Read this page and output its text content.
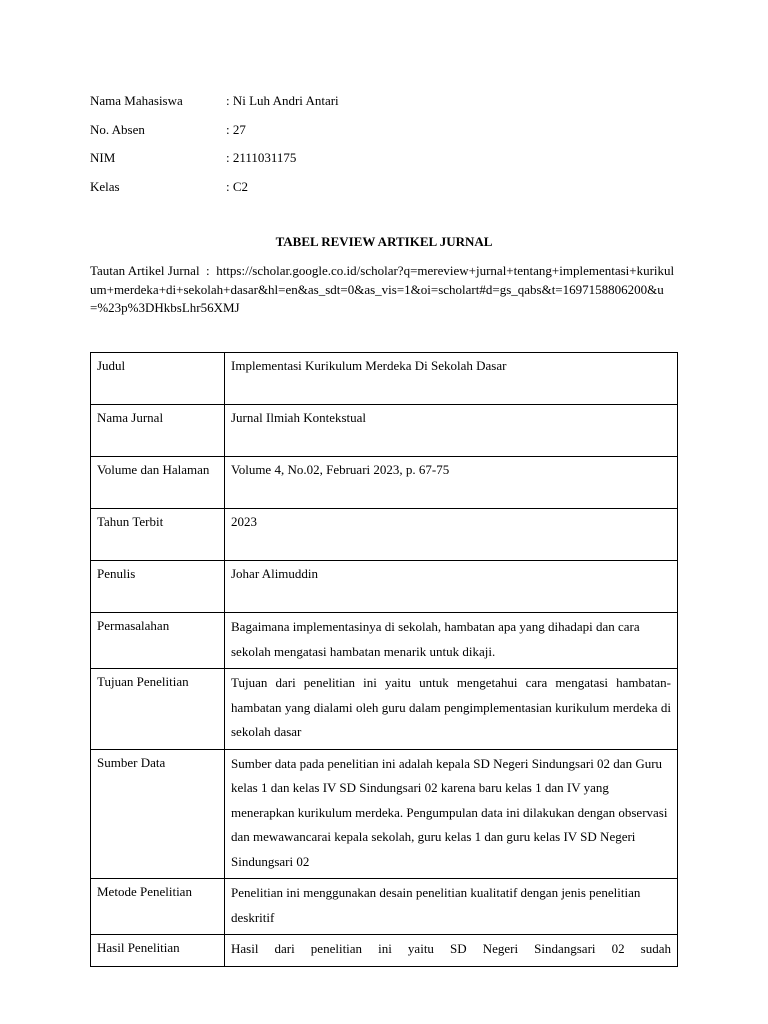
Nama Mahasiswa	: Ni Luh Andri Antari
No. Absen	: 27
NIM	: 2111031175
Kelas	: C2
TABEL REVIEW ARTIKEL JURNAL
Tautan Artikel Jurnal  :  https://scholar.google.co.id/scholar?q=mereview+jurnal+tentang+implementasi+kurikulum+merdeka+di+sekolah+dasar&hl=en&as_sdt=0&as_vis=1&oi=scholart#d=gs_qabs&t=1697158806200&u=%23p%3DHkbsLhr56XMJ
Judul	Implementasi Kurikulum Merdeka Di Sekolah Dasar
Nama Jurnal	Jurnal Ilmiah Kontekstual
Volume dan Halaman	Volume 4, No.02, Februari 2023, p. 67-75
Tahun Terbit	2023
Penulis	Johar Alimuddin
Permasalahan	Bagaimana implementasinya di sekolah, hambatan apa yang dihadapi dan cara sekolah mengatasi hambatan menarik untuk dikaji.
Tujuan Penelitian	Tujuan dari penelitian ini yaitu untuk mengetahui cara mengatasi hambatan-hambatan yang dialami oleh guru dalam pengimplementasian kurikulum merdeka di sekolah dasar
Sumber Data	Sumber data pada penelitian ini adalah kepala SD Negeri Sindungsari 02 dan Guru kelas 1 dan kelas IV SD Sindungsari 02 karena baru kelas 1 dan IV yang menerapkan kurikulum merdeka. Pengumpulan data ini dilakukan dengan observasi dan mewawancarai kepala sekolah, guru kelas 1 dan guru kelas IV SD Negeri Sindungsari 02
Metode Penelitian	Penelitian ini menggunakan desain penelitian kualitatif dengan jenis penelitian deskritif
Hasil Penelitian	Hasil dari penelitian ini yaitu SD Negeri Sindangsari 02 sudah
